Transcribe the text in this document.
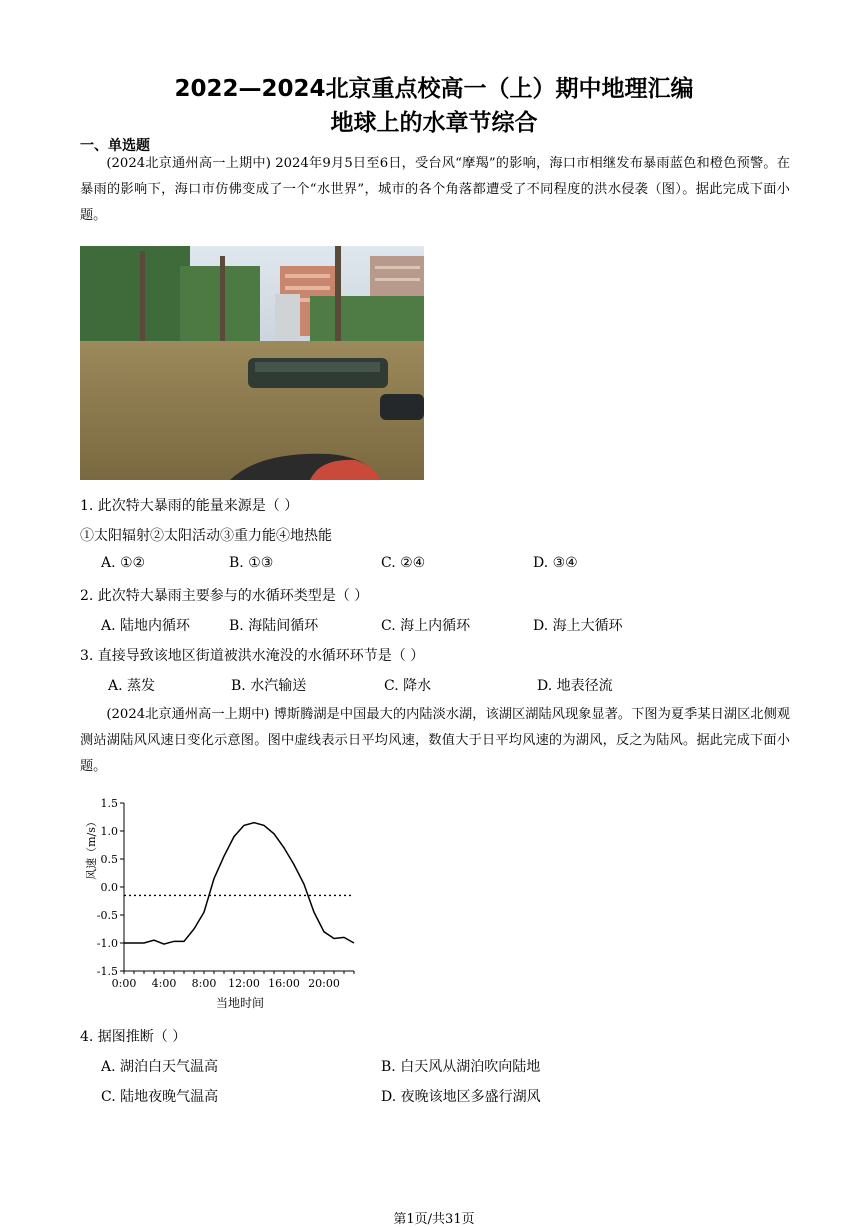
2022—2024北京重点校高一（上）期中地理汇编
地球上的水章节综合
一、单选题
(2024北京通州高一上期中) 2024年9月5日至6日，受台风“摩羯”的影响，海口市相继发布暴雨蓝色和橙色预警。在暴雨的影响下，海口市仿佛变成了一个“水世界”，城市的各个角落都遭受了不同程度的洪水侵袭（图）。据此完成下面小题。
1. 此次特大暴雨的能量来源是（ ）
①太阳辐射②太阳活动③重力能④地热能
A. ①②	B. ①③	C. ②④	D. ③④
2. 此次特大暴雨主要参与的水循环类型是（ ）
A. 陆地内循环	B. 海陆间循环	C. 海上内循环	D. 海上大循环
3. 直接导致该地区街道被洪水淹没的水循环环节是（ ）
A. 蒸发	B. 水汽输送	C. 降水	D. 地表径流
(2024北京通州高一上期中) 博斯腾湖是中国最大的内陆淡水湖，该湖区湖陆风现象显著。下图为夏季某日湖区北侧观测站湖陆风风速日变化示意图。图中虚线表示日平均风速，数值大于日平均风速的为湖风，反之为陆风。据此完成下面小题。
风速（m/s）
当地时间
1.5
1.0
0.5
0.0
-0.5
-1.0
-1.5
0:00 4:00 8:00 12:00 16:00 20:00
4. 据图推断（ ）
A. 湖泊白天气温高	B. 白天风从湖泊吹向陆地
C. 陆地夜晚气温高	D. 夜晚该地区多盛行湖风
第1页/共31页
